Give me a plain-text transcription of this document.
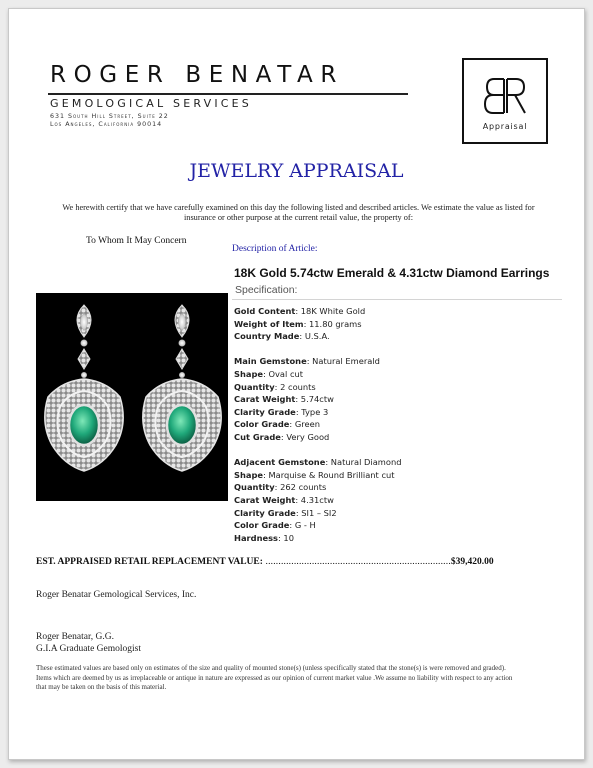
ROGER BENATAR
GEMOLOGICAL SERVICES
631 South Hill Street, Suite 22
Los Angeles, California 90014	Appraisal
JEWELRY APPRAISAL
We herewith certify that we have carefully examined on this day the following listed and described articles. We estimate the value as listed for insurance or other purpose at the current retail value, the property of:
To Whom It May Concern
Description of Article:
18K Gold 5.74ctw Emerald & 4.31ctw Diamond Earrings
Specification:
Gold Content: 18K White Gold
Weight of Item: 11.80 grams
Country Made: U.S.A.
Main Gemstone: Natural Emerald
Shape: Oval cut
Quantity: 2 counts
Carat Weight: 5.74ctw
Clarity Grade: Type 3
Color Grade: Green
Cut Grade: Very Good
Adjacent Gemstone: Natural Diamond
Shape: Marquise & Round Brilliant cut
Quantity: 262 counts
Carat Weight: 4.31ctw
Clarity Grade: SI1 – SI2
Color Grade: G - H
Hardness: 10
EST. APPRAISED RETAIL REPLACEMENT VALUE: ........................................................................$39,420.00
Roger Benatar Gemological Services, Inc.
Roger Benatar, G.G.
G.I.A Graduate Gemologist
These estimated values are based only on estimates of the size and quality of mounted stone(s) (unless specifically stated that the stone(s) is were removed and graded). Items which are deemed by us as irreplaceable or antique in nature are expressed as our opinion of current market value .We assume no liability with respect to any action that may be taken on the basis of this material.
